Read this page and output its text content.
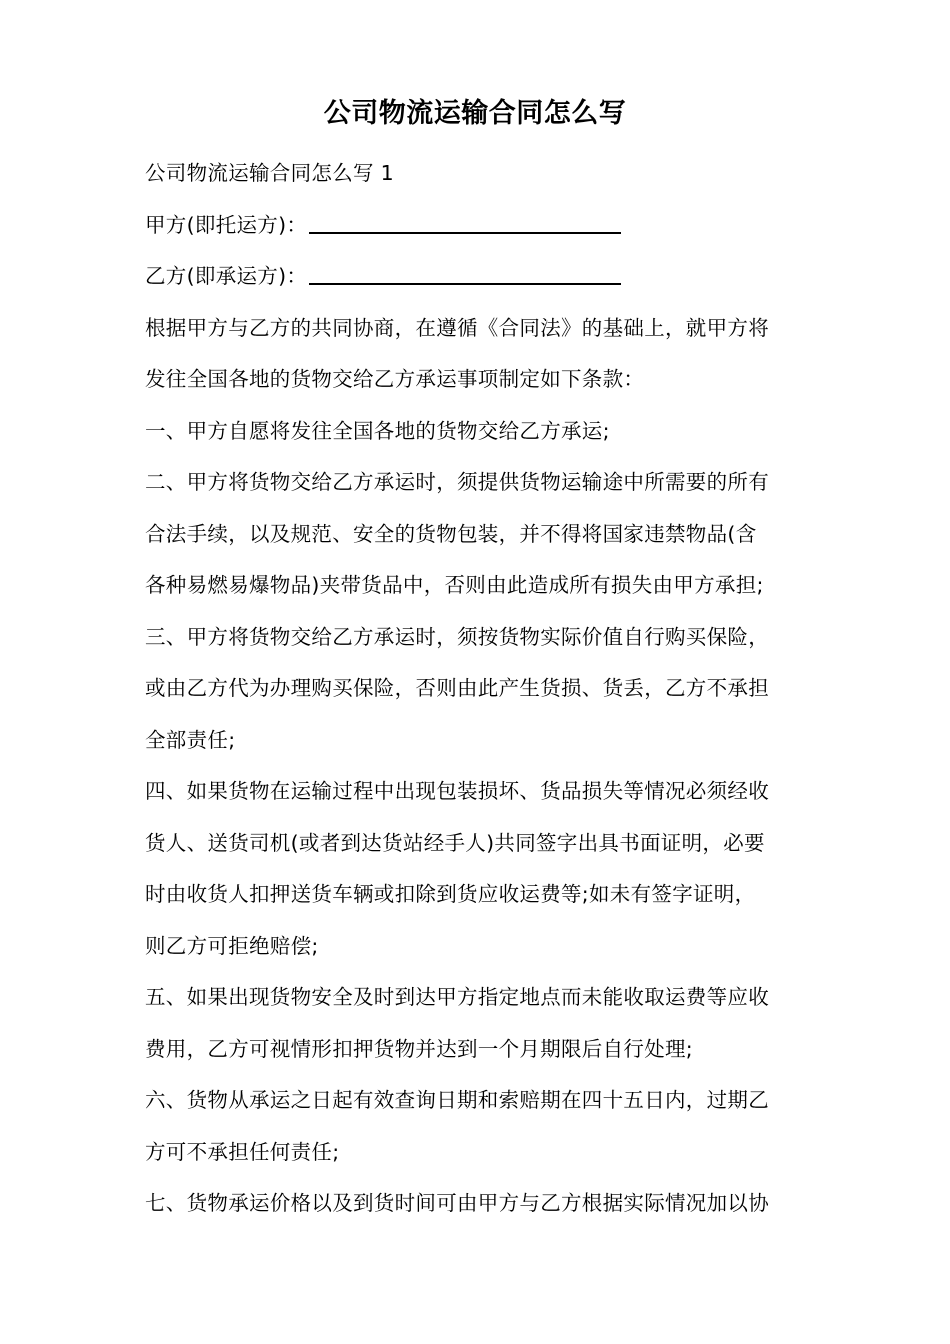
公司物流运输合同怎么写
公司物流运输合同怎么写 1
甲方(即托运方)：
乙方(即承运方)：
根据甲方与乙方的共同协商，在遵循《合同法》的基础上，就甲方将
发往全国各地的货物交给乙方承运事项制定如下条款：
一、甲方自愿将发往全国各地的货物交给乙方承运;
二、甲方将货物交给乙方承运时，须提供货物运输途中所需要的所有
合法手续，以及规范、安全的货物包装，并不得将国家违禁物品(含
各种易燃易爆物品)夹带货品中，否则由此造成所有损失由甲方承担;
三、甲方将货物交给乙方承运时，须按货物实际价值自行购买保险，
或由乙方代为办理购买保险，否则由此产生货损、货丢，乙方不承担
全部责任;
四、如果货物在运输过程中出现包装损坏、货品损失等情况必须经收
货人、送货司机(或者到达货站经手人)共同签字出具书面证明，必要
时由收货人扣押送货车辆或扣除到货应收运费等;如未有签字证明，
则乙方可拒绝赔偿;
五、如果出现货物安全及时到达甲方指定地点而未能收取运费等应收
费用，乙方可视情形扣押货物并达到一个月期限后自行处理;
六、货物从承运之日起有效查询日期和索赔期在四十五日内，过期乙
方可不承担任何责任;
七、货物承运价格以及到货时间可由甲方与乙方根据实际情况加以协
